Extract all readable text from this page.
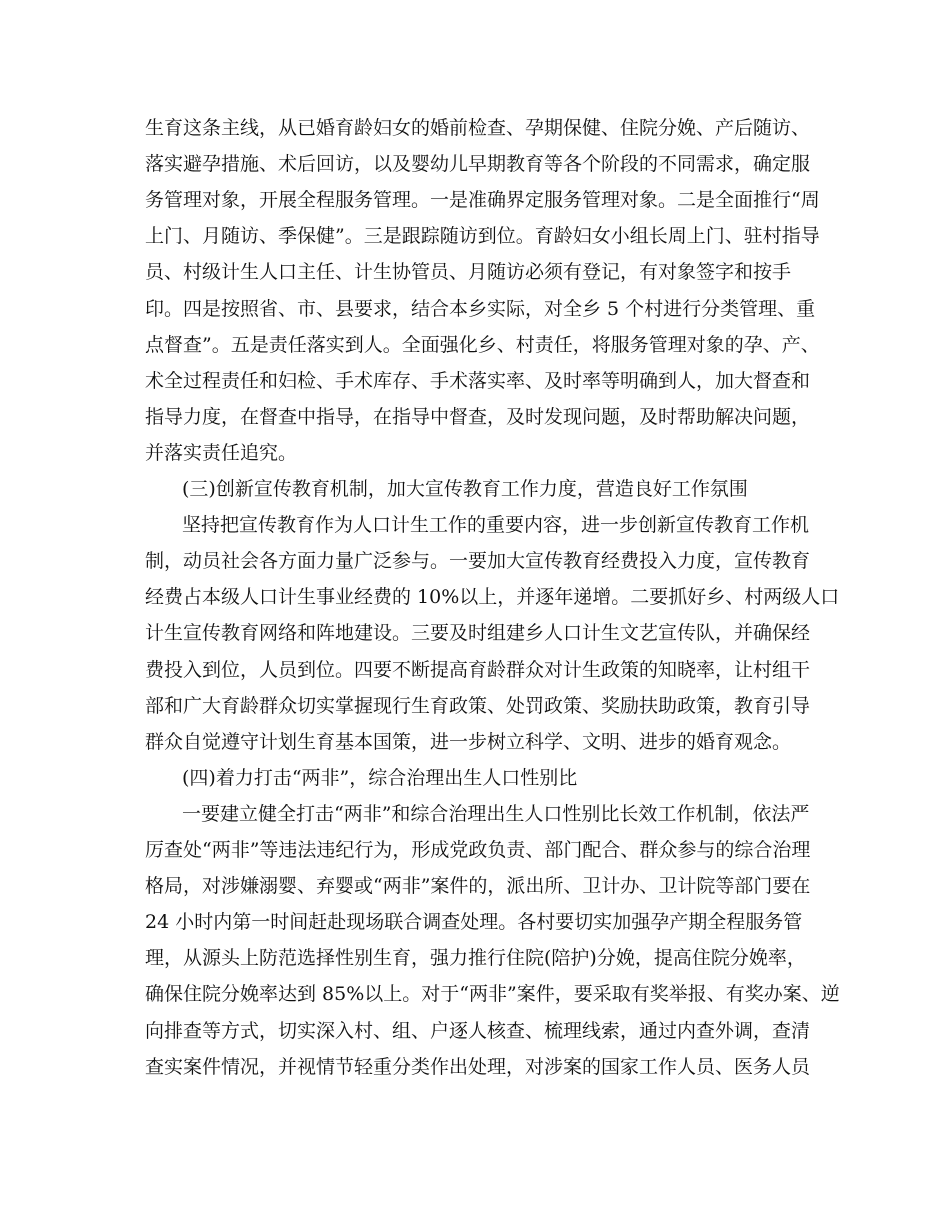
生育这条主线，从已婚育龄妇女的婚前检查、孕期保健、住院分娩、产后随访、
落实避孕措施、术后回访，以及婴幼儿早期教育等各个阶段的不同需求，确定服
务管理对象，开展全程服务管理。一是准确界定服务管理对象。二是全面推行“周
上门、月随访、季保健”。三是跟踪随访到位。育龄妇女小组长周上门、驻村指导
员、村级计生人口主任、计生协管员、月随访必须有登记，有对象签字和按手
印。四是按照省、市、县要求，结合本乡实际，对全乡 5 个村进行分类管理、重
点督查”。五是责任落实到人。全面强化乡、村责任，将服务管理对象的孕、产、
术全过程责任和妇检、手术库存、手术落实率、及时率等明确到人，加大督查和
指导力度，在督查中指导，在指导中督查，及时发现问题，及时帮助解决问题，
并落实责任追究。
(三)创新宣传教育机制，加大宣传教育工作力度，营造良好工作氛围
坚持把宣传教育作为人口计生工作的重要内容，进一步创新宣传教育工作机
制，动员社会各方面力量广泛参与。一要加大宣传教育经费投入力度，宣传教育
经费占本级人口计生事业经费的 10%以上，并逐年递增。二要抓好乡、村两级人口
计生宣传教育网络和阵地建设。三要及时组建乡人口计生文艺宣传队，并确保经
费投入到位，人员到位。四要不断提高育龄群众对计生政策的知晓率，让村组干
部和广大育龄群众切实掌握现行生育政策、处罚政策、奖励扶助政策，教育引导
群众自觉遵守计划生育基本国策，进一步树立科学、文明、进步的婚育观念。
(四)着力打击“两非”，综合治理出生人口性别比
一要建立健全打击“两非”和综合治理出生人口性别比长效工作机制，依法严
厉查处“两非”等违法违纪行为，形成党政负责、部门配合、群众参与的综合治理
格局，对涉嫌溺婴、弃婴或“两非”案件的，派出所、卫计办、卫计院等部门要在
24 小时内第一时间赶赴现场联合调查处理。各村要切实加强孕产期全程服务管
理，从源头上防范选择性别生育，强力推行住院(陪护)分娩，提高住院分娩率，
确保住院分娩率达到 85%以上。对于“两非”案件，要采取有奖举报、有奖办案、逆
向排查等方式，切实深入村、组、户逐人核查、梳理线索，通过内查外调，查清
查实案件情况，并视情节轻重分类作出处理，对涉案的国家工作人员、医务人员
